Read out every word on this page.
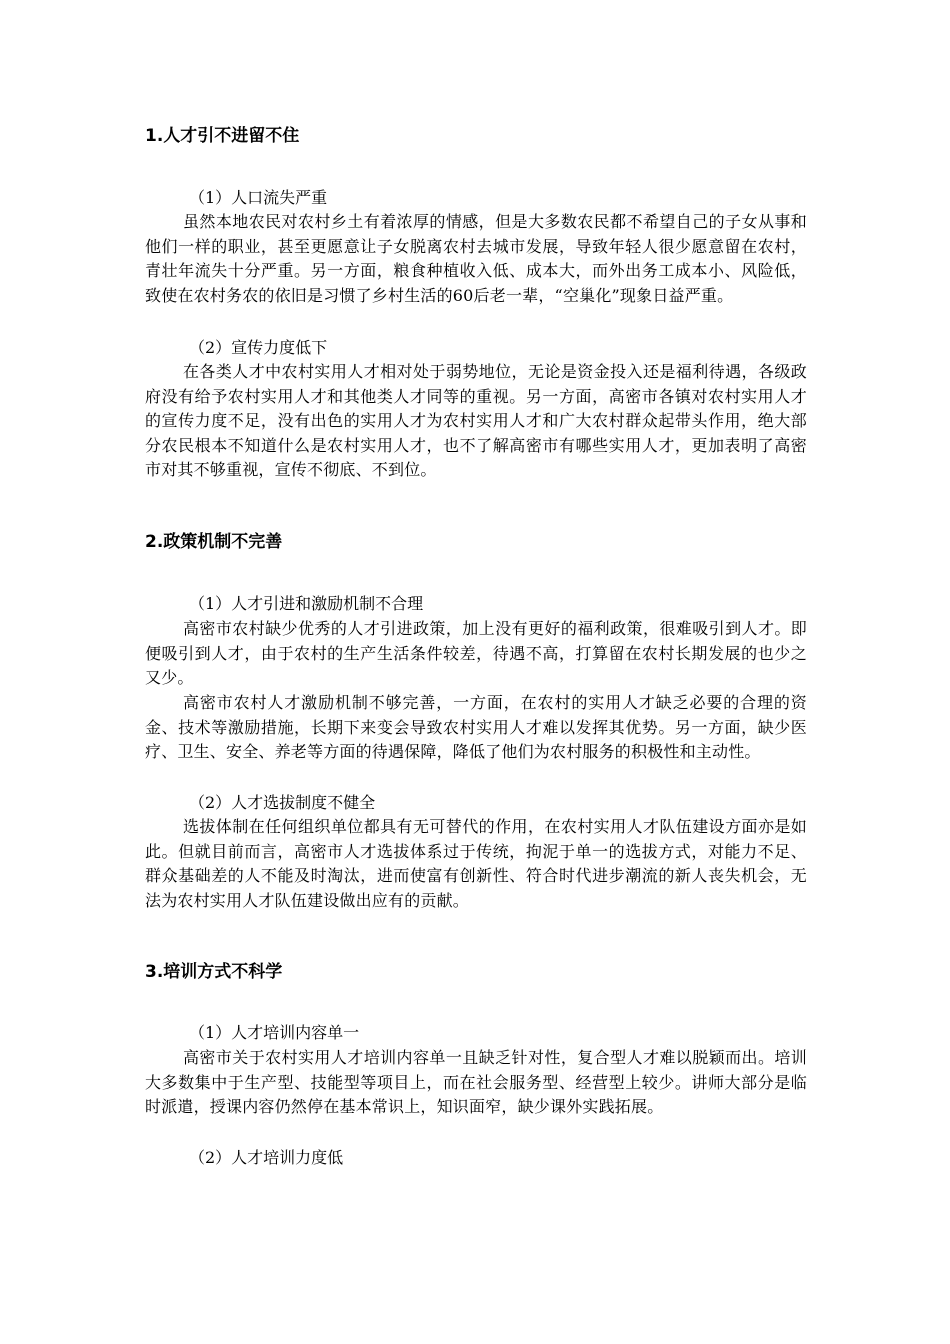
1.人才引不进留不住

（1）人口流失严重

虽然本地农民对农村乡土有着浓厚的情感，但是大多数农民都不希望自己的子女从事和他们一样的职业，甚至更愿意让子女脱离农村去城市发展，导致年轻人很少愿意留在农村，青壮年流失十分严重。另一方面，粮食种植收入低、成本大，而外出务工成本小、风险低，致使在农村务农的依旧是习惯了乡村生活的60后老一辈，“空巢化”现象日益严重。

（2）宣传力度低下

在各类人才中农村实用人才相对处于弱势地位，无论是资金投入还是福利待遇，各级政府没有给予农村实用人才和其他类人才同等的重视。另一方面，高密市各镇对农村实用人才的宣传力度不足，没有出色的实用人才为农村实用人才和广大农村群众起带头作用，绝大部分农民根本不知道什么是农村实用人才，也不了解高密市有哪些实用人才，更加表明了高密市对其不够重视，宣传不彻底、不到位。

2.政策机制不完善

（1）人才引进和激励机制不合理

高密市农村缺少优秀的人才引进政策，加上没有更好的福利政策，很难吸引到人才。即便吸引到人才，由于农村的生产生活条件较差，待遇不高，打算留在农村长期发展的也少之又少。

高密市农村人才激励机制不够完善，一方面，在农村的实用人才缺乏必要的合理的资金、技术等激励措施，长期下来变会导致农村实用人才难以发挥其优势。另一方面，缺少医疗、卫生、安全、养老等方面的待遇保障，降低了他们为农村服务的积极性和主动性。

（2）人才选拔制度不健全

选拔体制在任何组织单位都具有无可替代的作用，在农村实用人才队伍建设方面亦是如此。但就目前而言，高密市人才选拔体系过于传统，拘泥于单一的选拔方式，对能力不足、群众基础差的人不能及时淘汰，进而使富有创新性、符合时代进步潮流的新人丧失机会，无法为农村实用人才队伍建设做出应有的贡献。

3.培训方式不科学

（1）人才培训内容单一

高密市关于农村实用人才培训内容单一且缺乏针对性，复合型人才难以脱颖而出。培训大多数集中于生产型、技能型等项目上，而在社会服务型、经营型上较少。讲师大部分是临时派遣，授课内容仍然停在基本常识上，知识面窄，缺少课外实践拓展。

（2）人才培训力度低
